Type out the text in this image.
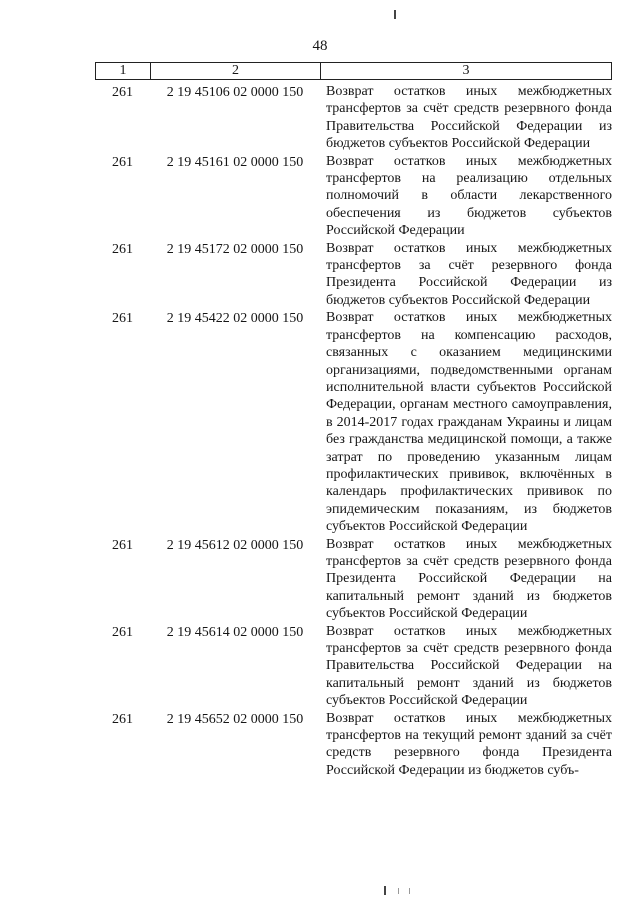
48
1	2	3
261	2 19 45106 02 0000 150	Возврат остатков иных межбюджетных трансфертов за счёт средств резервного фонда Правительства Российской Федерации из бюджетов субъектов Российской Федерации
261	2 19 45161 02 0000 150	Возврат остатков иных межбюджетных трансфертов на реализацию отдельных полномочий в области лекарственного обеспечения из бюджетов субъектов Российской Федерации
261	2 19 45172 02 0000 150	Возврат остатков иных межбюджетных трансфертов за счёт резервного фонда Президента Российской Федерации из бюджетов субъектов Российской Федерации
261	2 19 45422 02 0000 150	Возврат остатков иных межбюджетных трансфертов на компенсацию расходов, связанных с оказанием медицинскими организациями, подведомственными органам исполнительной власти субъектов Российской Федерации, органам местного самоуправления, в 2014-2017 годах гражданам Украины и лицам без гражданства медицинской помощи, а также затрат по проведению указанным лицам профилактических прививок, включённых в календарь профилактических прививок по эпидемическим показаниям, из бюджетов субъектов Российской Федерации
261	2 19 45612 02 0000 150	Возврат остатков иных межбюджетных трансфертов за счёт средств резервного фонда Президента Российской Федерации на капитальный ремонт зданий из бюджетов субъектов Российской Федерации
261	2 19 45614 02 0000 150	Возврат остатков иных межбюджетных трансфертов за счёт средств резервного фонда Правительства Российской Федерации на капитальный ремонт зданий из бюджетов субъектов Российской Федерации
261	2 19 45652 02 0000 150	Возврат остатков иных межбюджетных трансфертов на текущий ремонт зданий за счёт средств резервного фонда Президента Российской Федерации из бюджетов субъ-
